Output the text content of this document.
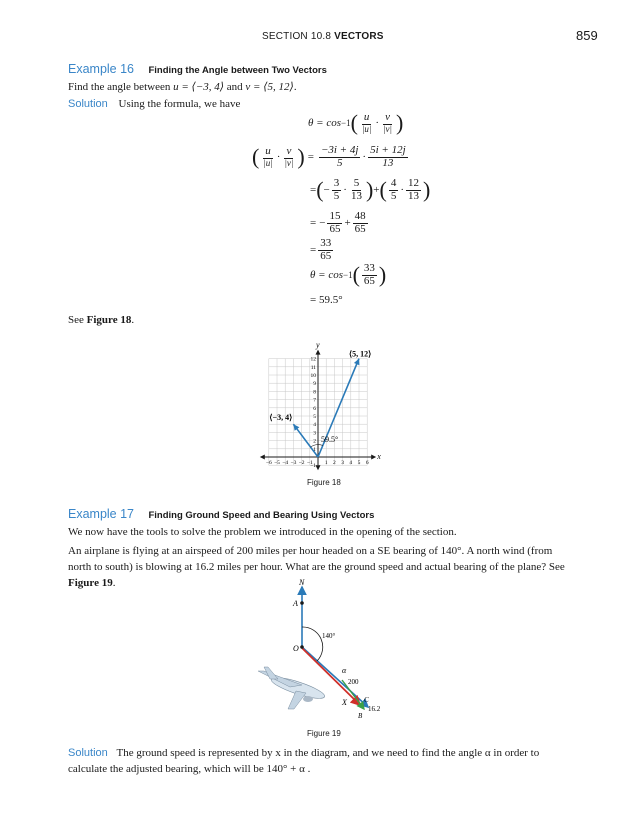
SECTION 10.8 VECTORS	859
Example 16 Finding the Angle between Two Vectors
Find the angle between u = ⟨−3, 4⟩ and v = ⟨5, 12⟩.
Solution Using the formula, we have
θ = cos −1 ( $\frac{u}{|u|} \cdot \frac{v}{|v|}$ )
( $\frac{u}{|u|} \cdot \frac{v}{|v|}$ ) = $\frac{-3i + 4j}{5} \cdot \frac{5i + 12j}{13}$
= ( − $\frac{3}{5} \cdot \frac{5}{13}$ ) + ( $\frac{4}{5} \cdot \frac{12}{13}$ )
= − $\frac{15}{65} + \frac{48}{65}$
= $\frac{33}{65}$
θ = cos −1 ( $\frac{33}{65}$ )
= 59.5°
See Figure 18.
12
11
10
9
8
7
6
5
4
3
2
1
−1
−6 −5 −4 −3 −2 −1 1 2 3 4 5 6
y
x
⟨5, 12⟩
⟨−3, 4⟩
59.5°
Figure 18
Example 17 Finding Ground Speed and Bearing Using Vectors
We now have the tools to solve the problem we introduced in the opening of the section.
An airplane is flying at an airspeed of 200 miles per hour headed on a SE bearing of 140°. A north wind (from north to south) is blowing at 16.2 miles per hour. What are the ground speed and actual bearing of the plane? See Figure 19.	N
A
O
140°
α
200
C
X
B
16.2
Figure 19
Solution The ground speed is represented by x in the diagram, and we need to find the angle α in order to calculate the adjusted bearing, which will be 140° + α .
